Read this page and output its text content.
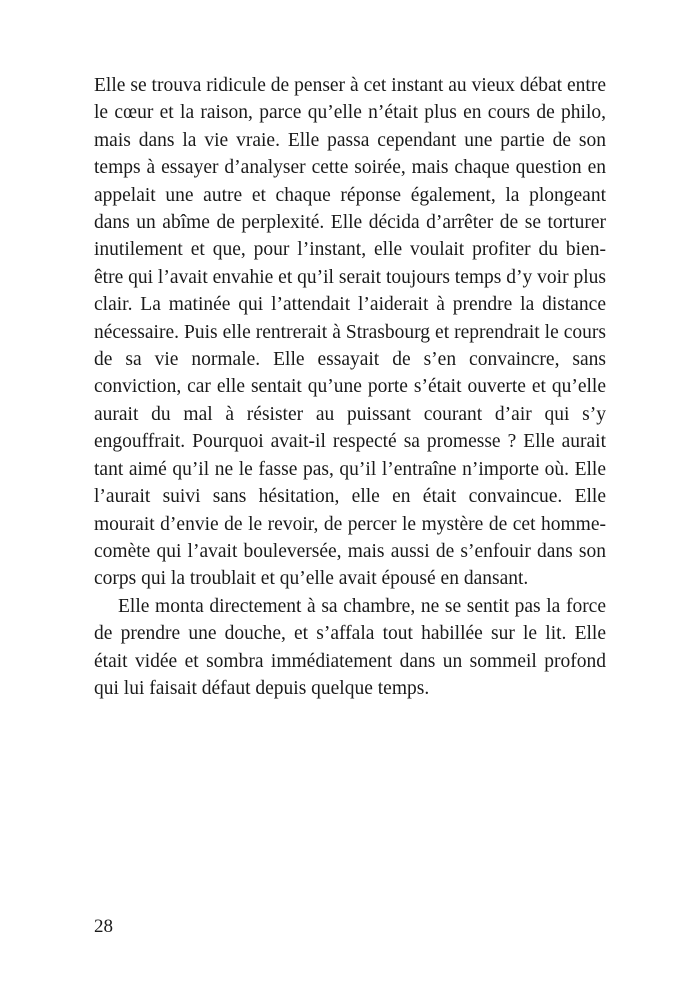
Elle se trouva ridicule de penser à cet instant au vieux débat entre le cœur et la raison, parce qu’elle n’était plus en cours de philo, mais dans la vie vraie. Elle passa cependant une partie de son temps à essayer d’analyser cette soirée, mais chaque question en appelait une autre et chaque réponse également, la plongeant dans un abîme de perplexité. Elle décida d’arrêter de se torturer inutilement et que, pour l’instant, elle voulait profiter du bien-être qui l’avait envahie et qu’il serait toujours temps d’y voir plus clair. La matinée qui l’attendait l’aiderait à prendre la distance nécessaire. Puis elle rentrerait à Strasbourg et reprendrait le cours de sa vie normale. Elle essayait de s’en convaincre, sans conviction, car elle sentait qu’une porte s’était ouverte et qu’elle aurait du mal à résister au puissant courant d’air qui s’y engouffrait. Pourquoi avait-il respecté sa promesse ? Elle aurait tant aimé qu’il ne le fasse pas, qu’il l’entraîne n’importe où. Elle l’aurait suivi sans hésitation, elle en était convaincue. Elle mourait d’envie de le revoir, de percer le mystère de cet homme-comète qui l’avait bouleversée, mais aussi de s’enfouir dans son corps qui la troublait et qu’elle avait épousé en dansant.

Elle monta directement à sa chambre, ne se sentit pas la force de prendre une douche, et s’affala tout habillée sur le lit. Elle était vidée et sombra immédiatement dans un sommeil profond qui lui faisait défaut depuis quelque temps.

28
